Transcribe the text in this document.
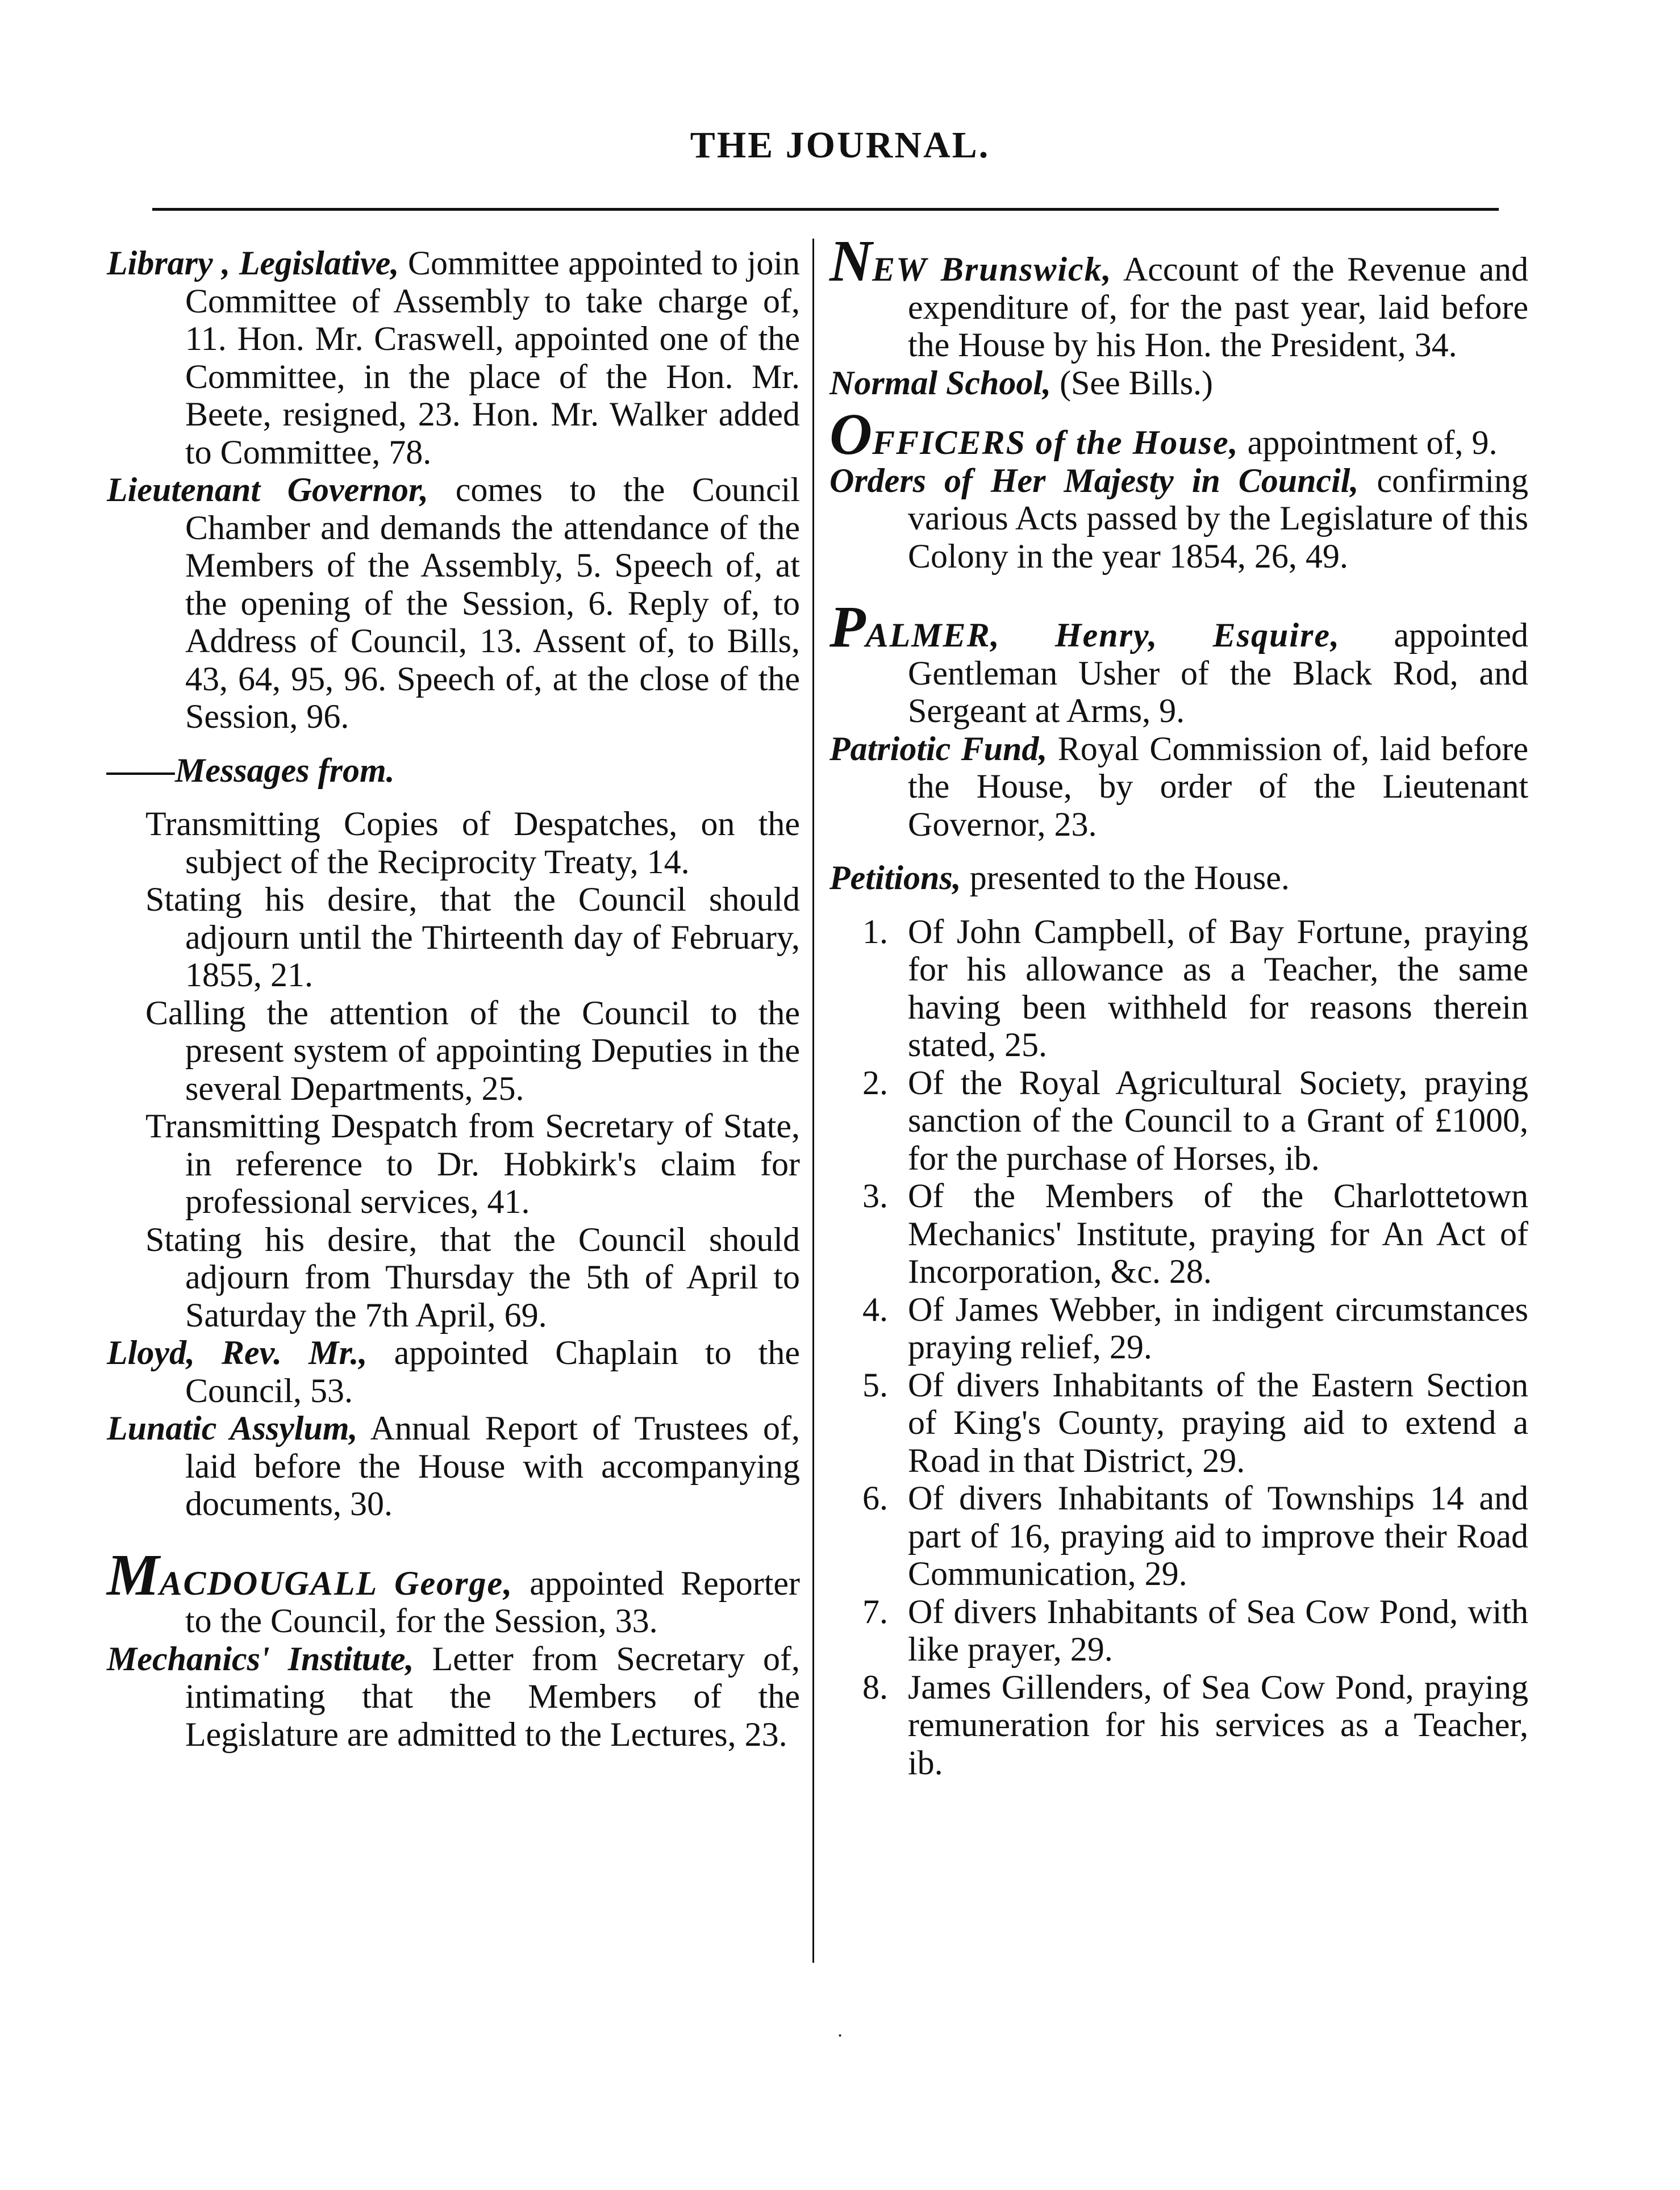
THE JOURNAL.

Library , Legislative, Committee appointed to join Committee of Assembly to take charge of, 11. Hon. Mr. Craswell, appointed one of the Committee, in the place of the Hon. Mr. Beete, resigned, 23. Hon. Mr. Walker added to Committee, 78.

Lieutenant Governor, comes to the Council Chamber and demands the attendance of the Members of the Assembly, 5. Speech of, at the opening of the Session, 6. Reply of, to Address of Council, 13. Assent of, to Bills, 43, 64, 95, 96. Speech of, at the close of the Session, 96.

——Messages from.

Transmitting Copies of Despatches, on the subject of the Reciprocity Treaty, 14.

Stating his desire, that the Council should adjourn until the Thirteenth day of February, 1855, 21.

Calling the attention of the Council to the present system of appointing Deputies in the several Departments, 25.

Transmitting Despatch from Secretary of State, in reference to Dr. Hobkirk's claim for professional services, 41.

Stating his desire, that the Council should adjourn from Thursday the 5th of April to Saturday the 7th April, 69.

Lloyd, Rev. Mr., appointed Chaplain to the Council, 53.

Lunatic Assylum, Annual Report of Trustees of, laid before the House with accompanying documents, 30.

MACDOUGALL George, appointed Reporter to the Council, for the Session, 33.

Mechanics' Institute, Letter from Secretary of, intimating that the Members of the Legislature are admitted to the Lectures, 23.

NEW Brunswick, Account of the Revenue and expenditure of, for the past year, laid before the House by his Hon. the President, 34.

Normal School, (See Bills.)

OFFICERS of the House, appointment of, 9.

Orders of Her Majesty in Council, confirming various Acts passed by the Legislature of this Colony in the year 1854, 26, 49.

PALMER, Henry, Esquire, appointed Gentleman Usher of the Black Rod, and Sergeant at Arms, 9.

Patriotic Fund, Royal Commission of, laid before the House, by order of the Lieutenant Governor, 23.

Petitions, presented to the House.

1. Of John Campbell, of Bay Fortune, praying for his allowance as a Teacher, the same having been withheld for reasons therein stated, 25.

2. Of the Royal Agricultural Society, praying sanction of the Council to a Grant of £1000, for the purchase of Horses, ib.

3. Of the Members of the Charlottetown Mechanics' Institute, praying for An Act of Incorporation, &c. 28.

4. Of James Webber, in indigent circumstances praying relief, 29.

5. Of divers Inhabitants of the Eastern Section of King's County, praying aid to extend a Road in that District, 29.

6. Of divers Inhabitants of Townships 14 and part of 16, praying aid to improve their Road Communication, 29.

7. Of divers Inhabitants of Sea Cow Pond, with like prayer, 29.

8. James Gillenders, of Sea Cow Pond, praying remuneration for his services as a Teacher, ib.

·
